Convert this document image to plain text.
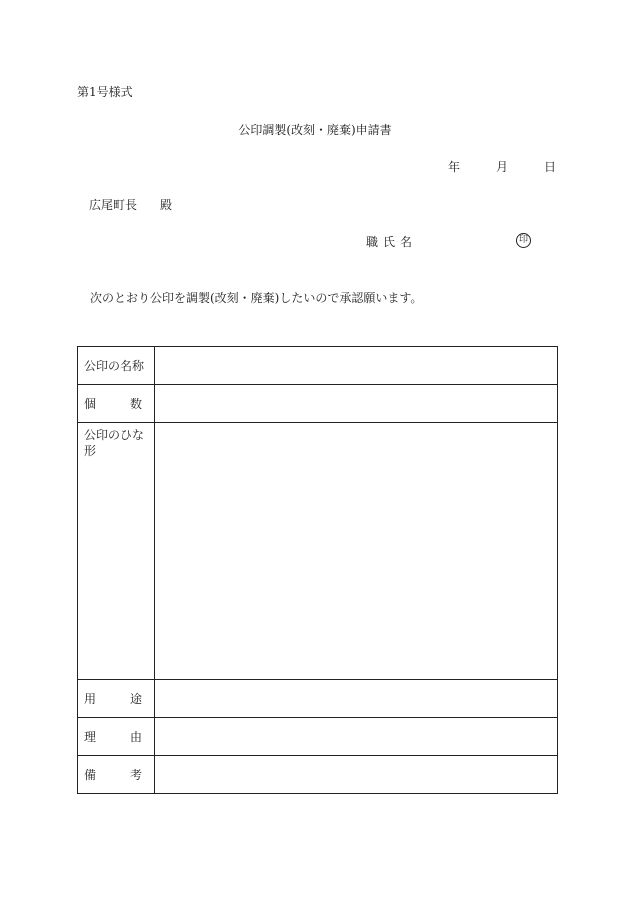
第1号様式
公印調製(改刻・廃棄)申請書
年	月	日
広尾町長 殿
職氏名	印
次のとおり公印を調製(改刻・廃棄)したいので承認願います。
公印の名称	

個 数	

公印のひな形	

用 途	

理 由	

備 考	
